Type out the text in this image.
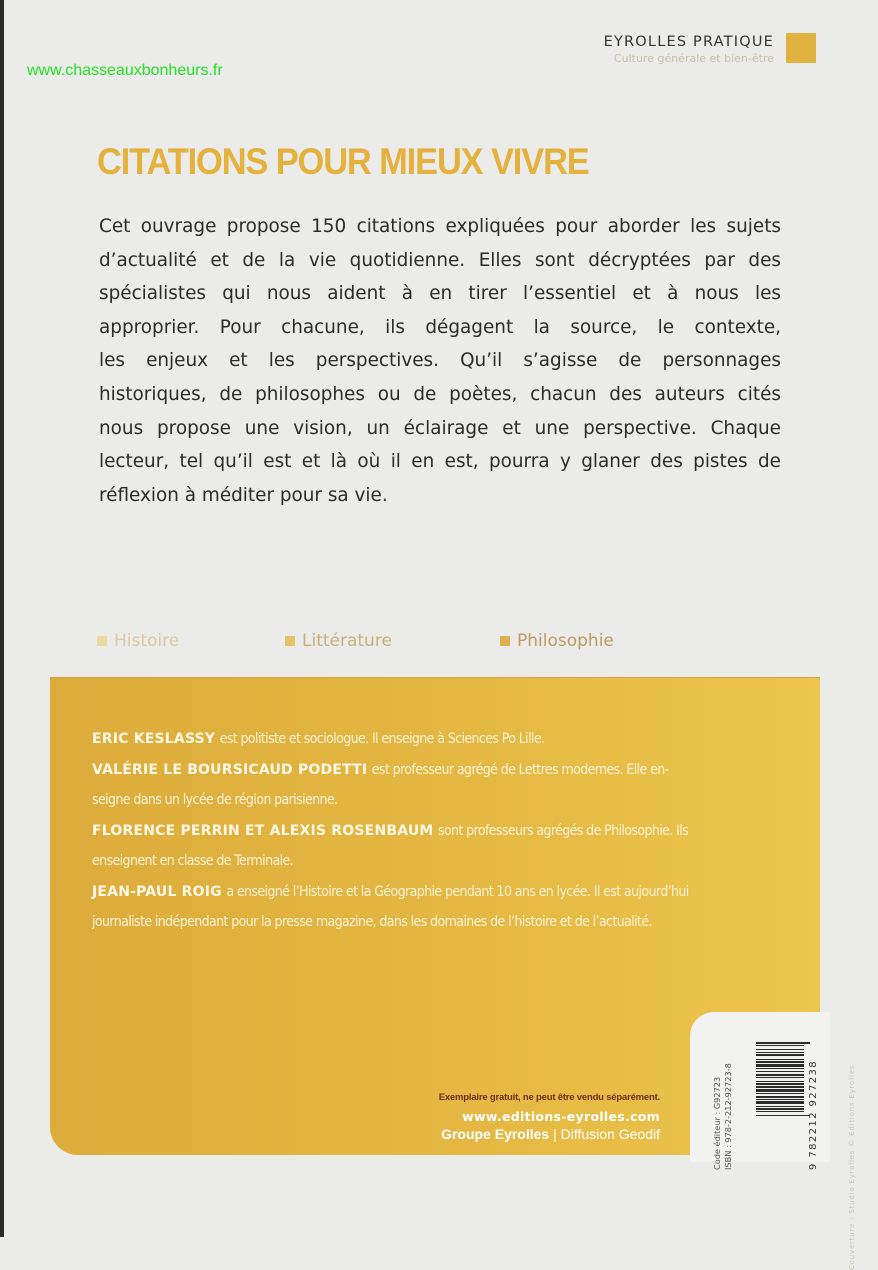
www.chasseauxbonheurs.fr
EYROLLES PRATIQUE
Culture générale et bien-être
CITATIONS POUR MIEUX VIVRE
Cet ouvrage propose 150 citations expliquées pour aborder les sujets
d’actualité et de la vie quotidienne. Elles sont décryptées par des
spécialistes qui nous aident à en tirer l’essentiel et à nous les
approprier. Pour chacune, ils dégagent la source, le contexte,
les enjeux et les perspectives. Qu’il s’agisse de personnages
historiques, de philosophes ou de poètes, chacun des auteurs cités
nous propose une vision, un éclairage et une perspective. Chaque
lecteur, tel qu’il est et là où il en est, pourra y glaner des pistes de
réflexion à méditer pour sa vie.
Histoire	Littérature	Philosophie
ERIC KESLASSY est politiste et sociologue. Il enseigne à Sciences Po Lille.
VALÉRIE LE BOURSICAUD PODETTI est professeur agrégé de Lettres modernes. Elle en-
seigne dans un lycée de région parisienne.
FLORENCE PERRIN ET ALEXIS ROSENBAUM sont professeurs agrégés de Philosophie. Ils
enseignent en classe de Terminale.
JEAN-PAUL ROIG a enseigné l’Histoire et la Géographie pendant 10 ans en lycée. Il est aujourd’hui
journaliste indépendant pour la presse magazine, dans les domaines de l’histoire et de l’actualité.
Exemplaire gratuit, ne peut être vendu séparément.
www.editions-eyrolles.com
Groupe Eyrolles | Diffusion Geodif	Code éditeur : G92723 ISBN : 978-2-212-92723-8	9 782212 927238	Couverture : Studio Eyrolles © Éditions Eyrolles
